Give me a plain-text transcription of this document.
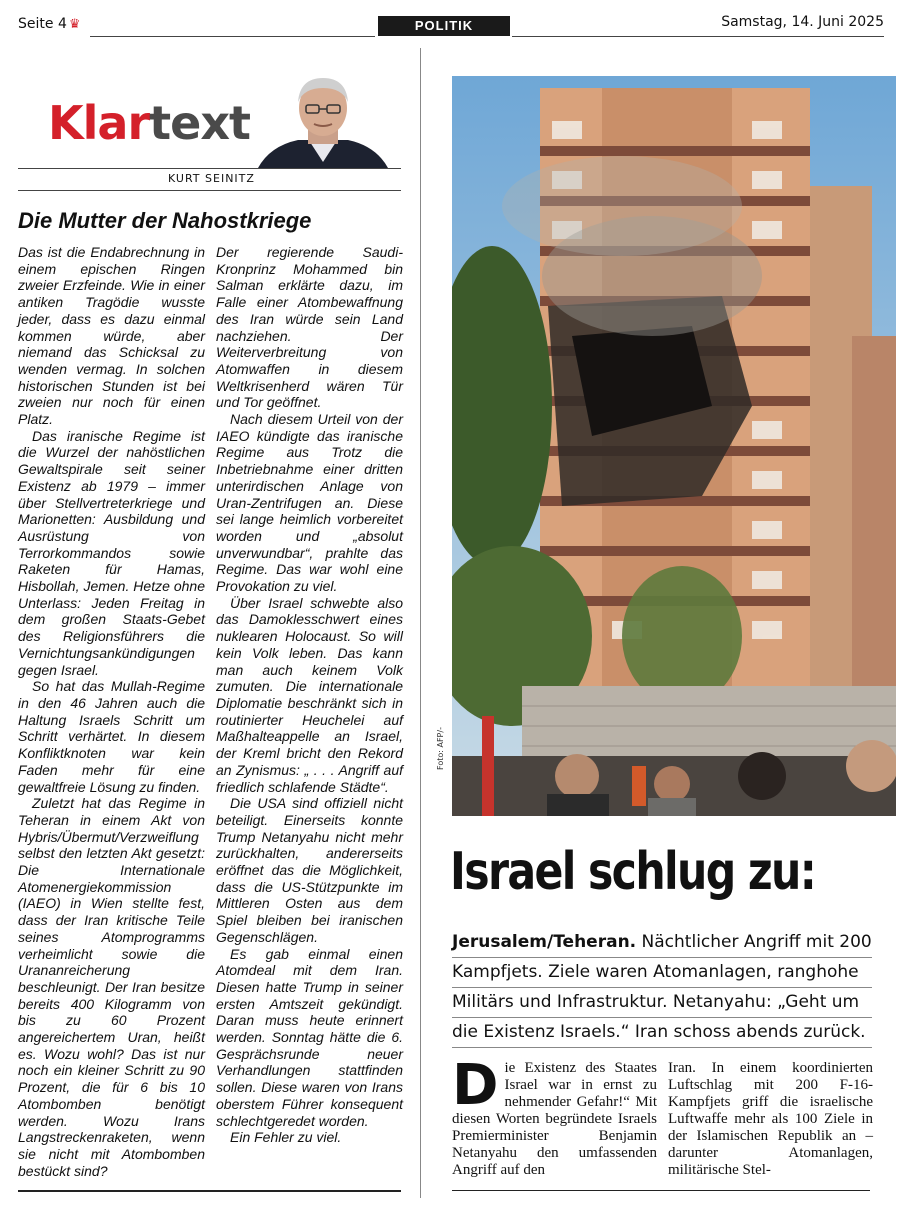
Seite 4 ♛	POLITIK	Samstag, 14. Juni 2025
Klartext
KURT SEINITZ
Die Mutter der Nahostkriege

Das ist die Endabrechnung in einem epischen Ringen zweier Erzfeinde. Wie in einer antiken Tragödie wusste jeder, dass es dazu einmal kommen würde, aber niemand das Schicksal zu wenden vermag. In solchen historischen Stunden ist bei zweien nur noch für einen Platz.

Das iranische Regime ist die Wurzel der nahöstlichen Gewaltspirale seit seiner Existenz ab 1979 – immer über Stellvertreterkriege und Marionetten: Ausbildung und Ausrüstung von Terrorkommandos sowie Raketen für Hamas, Hisbollah, Jemen. Hetze ohne Unterlass: Jeden Freitag in dem großen Staats-Gebet des Religionsführers die Vernichtungsankündigungen gegen Israel.

So hat das Mullah-Regime in den 46 Jahren auch die Haltung Israels Schritt um Schritt verhärtet. In diesem Konfliktknoten war kein Faden mehr für eine gewaltfreie Lösung zu finden.

Zuletzt hat das Regime in Teheran in einem Akt von Hybris/Übermut/Verzweiflung selbst den letzten Akt gesetzt: Die Internationale Atomenergiekommission (IAEO) in Wien stellte fest, dass der Iran kritische Teile seines Atomprogramms verheimlicht sowie die Urananreicherung beschleunigt. Der Iran besitze bereits 400 Kilogramm von bis zu 60 Prozent angereichertem Uran, heißt es. Wozu wohl? Das ist nur noch ein kleiner Schritt zu 90 Prozent, die für 6 bis 10 Atombomben benötigt werden. Wozu Irans Langstreckenraketen, wenn sie nicht mit Atombomben bestückt sind?

Der regierende Saudi-Kronprinz Mohammed bin Salman erklärte dazu, im Falle einer Atombewaffnung des Iran würde sein Land nachziehen. Der Weiterverbreitung von Atomwaffen in diesem Weltkrisenherd wären Tür und Tor geöffnet.

Nach diesem Urteil von der IAEO kündigte das iranische Regime aus Trotz die Inbetriebnahme einer dritten unterirdischen Anlage von Uran-Zentrifugen an. Diese sei lange heimlich vorbereitet worden und „absolut unverwundbar“, prahlte das Regime. Das war wohl eine Provokation zu viel.

Über Israel schwebte also das Damoklesschwert eines nuklearen Holocaust. So will kein Volk leben. Das kann man auch keinem Volk zumuten. Die internationale Diplomatie beschränkt sich in routinierter Heuchelei auf Maßhalteappelle an Israel, der Kreml bricht den Rekord an Zynismus: „ . . . Angriff auf friedlich schlafende Städte“.

Die USA sind offiziell nicht beteiligt. Einerseits konnte Trump Netanyahu nicht mehr zurückhalten, andererseits eröffnet das die Möglichkeit, dass die US-Stützpunkte im Mittleren Osten aus dem Spiel bleiben bei iranischen Gegenschlägen.

Es gab einmal einen Atomdeal mit dem Iran. Diesen hatte Trump in seiner ersten Amtszeit gekündigt. Daran muss heute erinnert werden. Sonntag hätte die 6. Gesprächsrunde neuer Verhandlungen stattfinden sollen. Diese waren von Irans oberstem Führer konsequent schlechtgeredet worden.

Ein Fehler zu viel.

Foto: AFP/-
Israel schlug zu:
Jerusalem/Teheran. Nächtlicher Angriff mit 200
Kampfjets. Ziele waren Atomanlagen, ranghohe
Militärs und Infrastruktur. Netanyahu: „Geht um
die Existenz Israels.“ Iran schoss abends zurück.
Die Existenz des Staates Israel war in ernst zu nehmender Gefahr!“ Mit diesen Worten begründete Israels Premierminister Benjamin Netanyahu den umfassenden Angriff auf den
Iran. In einem koordinierten Luftschlag mit 200 F-16-Kampfjets griff die israelische Luftwaffe mehr als 100 Ziele in der Islamischen Republik an – darunter Atomanlagen, militärische Stel-
